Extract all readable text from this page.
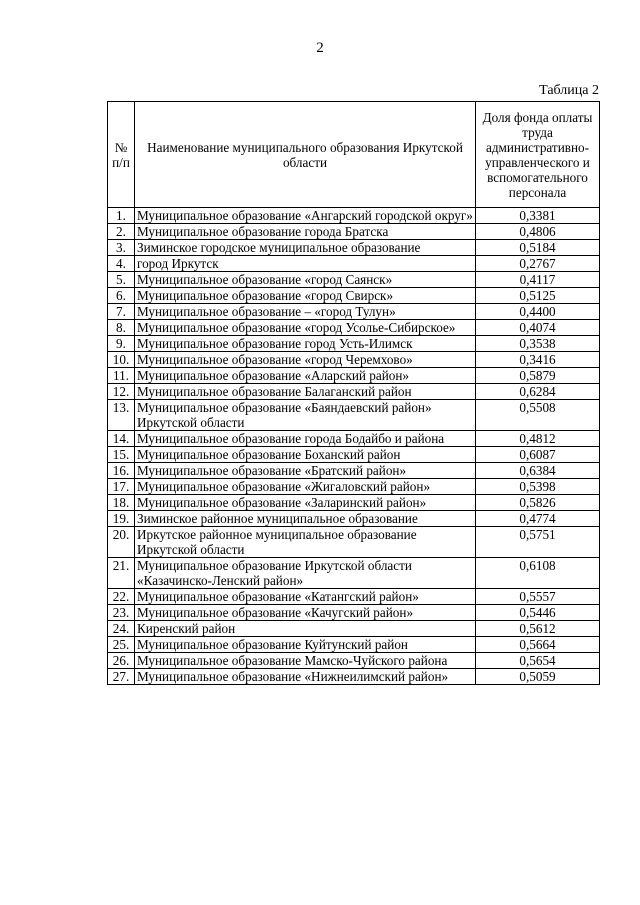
2
Таблица 2
№ п/п	Наименование муниципального образования Иркутской области	Доля фонда оплаты труда административно-управленческого и вспомогательного персонала
1.	Муниципальное образование «Ангарский городской округ»	0,3381
2.	Муниципальное образование города Братска	0,4806
3.	Зиминское городское муниципальное образование	0,5184
4.	город Иркутск	0,2767
5.	Муниципальное образование «город Саянск»	0,4117
6.	Муниципальное образование «город Свирск»	0,5125
7.	Муниципальное образование – «город Тулун»	0,4400
8.	Муниципальное образование «город Усолье-Сибирское»	0,4074
9.	Муниципальное образование город Усть-Илимск	0,3538
10.	Муниципальное образование «город Черемхово»	0,3416
11.	Муниципальное образование «Аларский район»	0,5879
12.	Муниципальное образование Балаганский район	0,6284
13.	Муниципальное образование «Баяндаевский район» Иркутской области	0,5508
14.	Муниципальное образование города Бодайбо и района	0,4812
15.	Муниципальное образование Боханский район	0,6087
16.	Муниципальное образование «Братский район»	0,6384
17.	Муниципальное образование «Жигаловский район»	0,5398
18.	Муниципальное образование «Заларинский район»	0,5826
19.	Зиминское районное муниципальное образование	0,4774
20.	Иркутское районное муниципальное образование Иркутской области	0,5751
21.	Муниципальное образование Иркутской области «Казачинско-Ленский район»	0,6108
22.	Муниципальное образование «Катангский район»	0,5557
23.	Муниципальное образование «Качугский район»	0,5446
24.	Киренский район	0,5612
25.	Муниципальное образование Куйтунский район	0,5664
26.	Муниципальное образование Мамско-Чуйского района	0,5654
27.	Муниципальное образование «Нижнеилимский район»	0,5059
